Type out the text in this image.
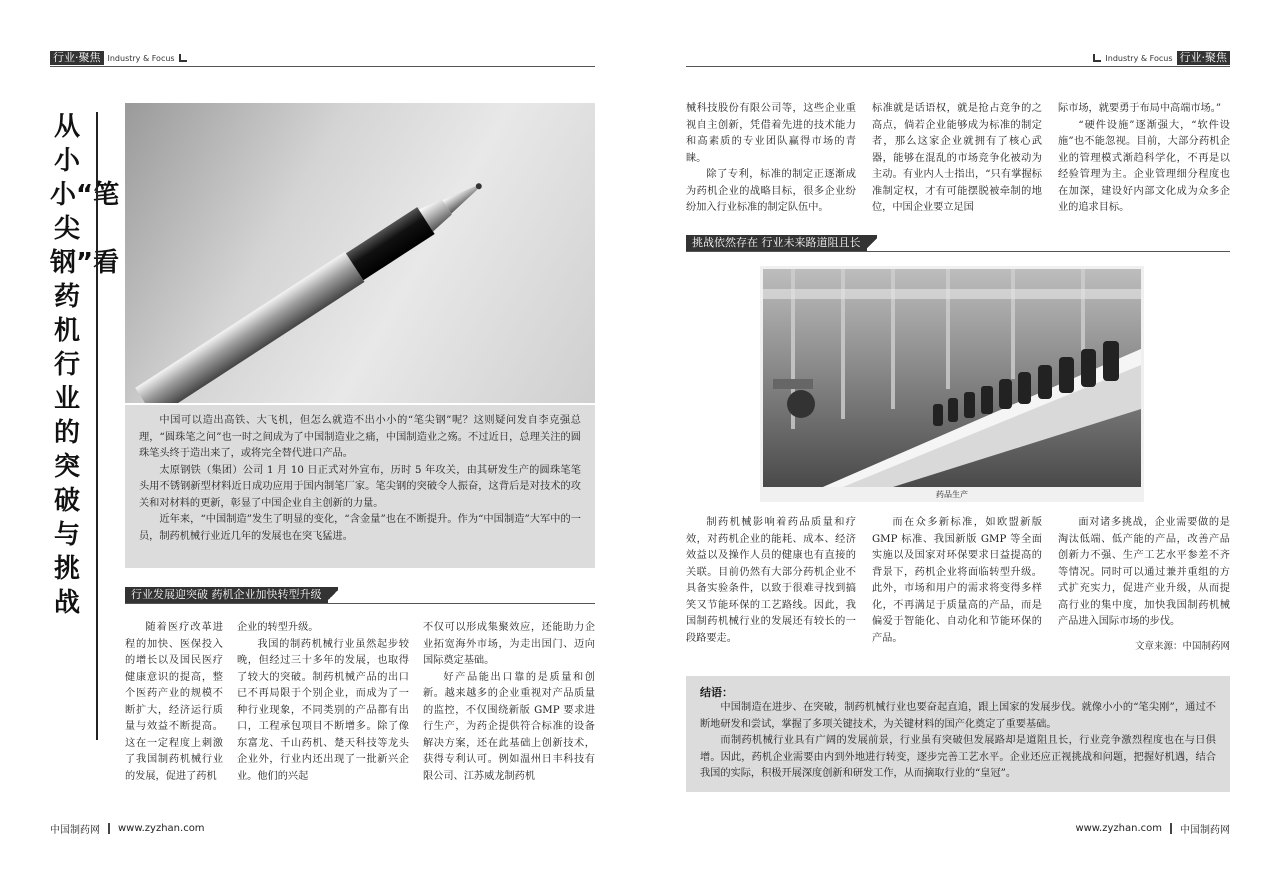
行业·聚焦 Industry & Focus	Industry & Focus 行业·聚焦
从小小“笔尖钢”看药机行业的突破与挑战

中国可以造出高铁、大飞机，但怎么就造不出小小的“笔尖钢”呢？这则疑问发自李克强总理，“圆珠笔之问”也一时之间成为了中国制造业之痛，中国制造业之殇。不过近日，总理关注的圆珠笔头终于造出来了，或将完全替代进口产品。

太原钢铁（集团）公司 1 月 10 日正式对外宣布，历时 5 年攻关，由其研发生产的圆珠笔笔头用不锈钢新型材料近日成功应用于国内制笔厂家。笔尖钢的突破令人振奋，这背后是对技术的攻关和对材料的更新，彰显了中国企业自主创新的力量。

近年来，“中国制造”发生了明显的变化，“含金量”也在不断提升。作为“中国制造”大军中的一员，制药机械行业近几年的发展也在突飞猛进。

行业发展迎突破 药机企业加快转型升级

随着医疗改革进程的加快、医保投入的增长以及国民医疗健康意识的提高，整个医药产业的规模不断扩大，经济运行质量与效益不断提高。这在一定程度上刺激了我国制药机械行业的发展，促进了药机

企业的转型升级。

我国的制药机械行业虽然起步较晚，但经过三十多年的发展，也取得了较大的突破。制药机械产品的出口已不再局限于个别企业，而成为了一种行业现象，不同类别的产品都有出口，工程承包项目不断增多。除了像东富龙、千山药机、楚天科技等龙头企业外，行业内还出现了一批新兴企业。他们的兴起

不仅可以形成集聚效应，还能助力企业拓宽海外市场，为走出国门、迈向国际奠定基础。

好产品能出口靠的是质量和创新。越来越多的企业重视对产品质量的监控，不仅围绕新版 GMP 要求进行生产，为药企提供符合标准的设备解决方案，还在此基础上创新技术，获得专利认可。例如温州日丰科技有限公司、江苏威龙制药机

械科技股份有限公司等，这些企业重视自主创新，凭借着先进的技术能力和高素质的专业团队赢得市场的青睐。

除了专利，标准的制定正逐渐成为药机企业的战略目标，很多企业纷纷加入行业标准的制定队伍中。

标准就是话语权，就是抢占竞争的之高点，倘若企业能够成为标准的制定者，那么这家企业就拥有了核心武器，能够在混乱的市场竞争化被动为主动。有业内人士指出，“只有掌握标准制定权，才有可能摆脱被牵制的地位，中国企业要立足国

际市场，就要勇于布局中高端市场。”

“硬件设施”逐渐强大，“软件设施”也不能忽视。目前，大部分药机企业的管理模式渐趋科学化，不再是以经验管理为主。企业管理细分程度也在加深，建设好内部文化成为众多企业的追求目标。

挑战依然存在 行业未来路道阻且长
药品生产

制药机械影响着药品质量和疗效，对药机企业的能耗、成本、经济效益以及操作人员的健康也有直接的关联。目前仍然有大部分药机企业不具备实验条件，以致于很难寻找到搞笑又节能环保的工艺路线。因此，我国制药机械行业的发展还有较长的一段路要走。

而在众多新标准，如欧盟新版 GMP 标准、我国新版 GMP 等全面实施以及国家对环保要求日益提高的背景下，药机企业将面临转型升级。此外，市场和用户的需求将变得多样化，不再满足于质量高的产品，而是偏爱于智能化、自动化和节能环保的产品。

面对诸多挑战，企业需要做的是淘汰低端、低产能的产品，改善产品创新力不强、生产工艺水平参差不齐等情况。同时可以通过兼并重组的方式扩充实力，促进产业升级，从而提高行业的集中度，加快我国制药机械产品进入国际市场的步伐。

文章来源：中国制药网
结语：

中国制造在进步、在突破，制药机械行业也要奋起直追，跟上国家的发展步伐。就像小小的“笔尖刚”，通过不断地研发和尝试，掌握了多项关键技术，为关键材料的国产化奠定了重要基础。

而制药机械行业具有广阔的发展前景，行业虽有突破但发展路却是道阻且长，行业竞争激烈程度也在与日俱增。因此，药机企业需要由内到外地进行转变，逐步完善工艺水平。企业还应正视挑战和问题，把握好机遇，结合我国的实际，积极开展深度创新和研发工作，从而摘取行业的“皇冠”。

中国制药网 www.zyzhan.com	www.zyzhan.com 中国制药网
